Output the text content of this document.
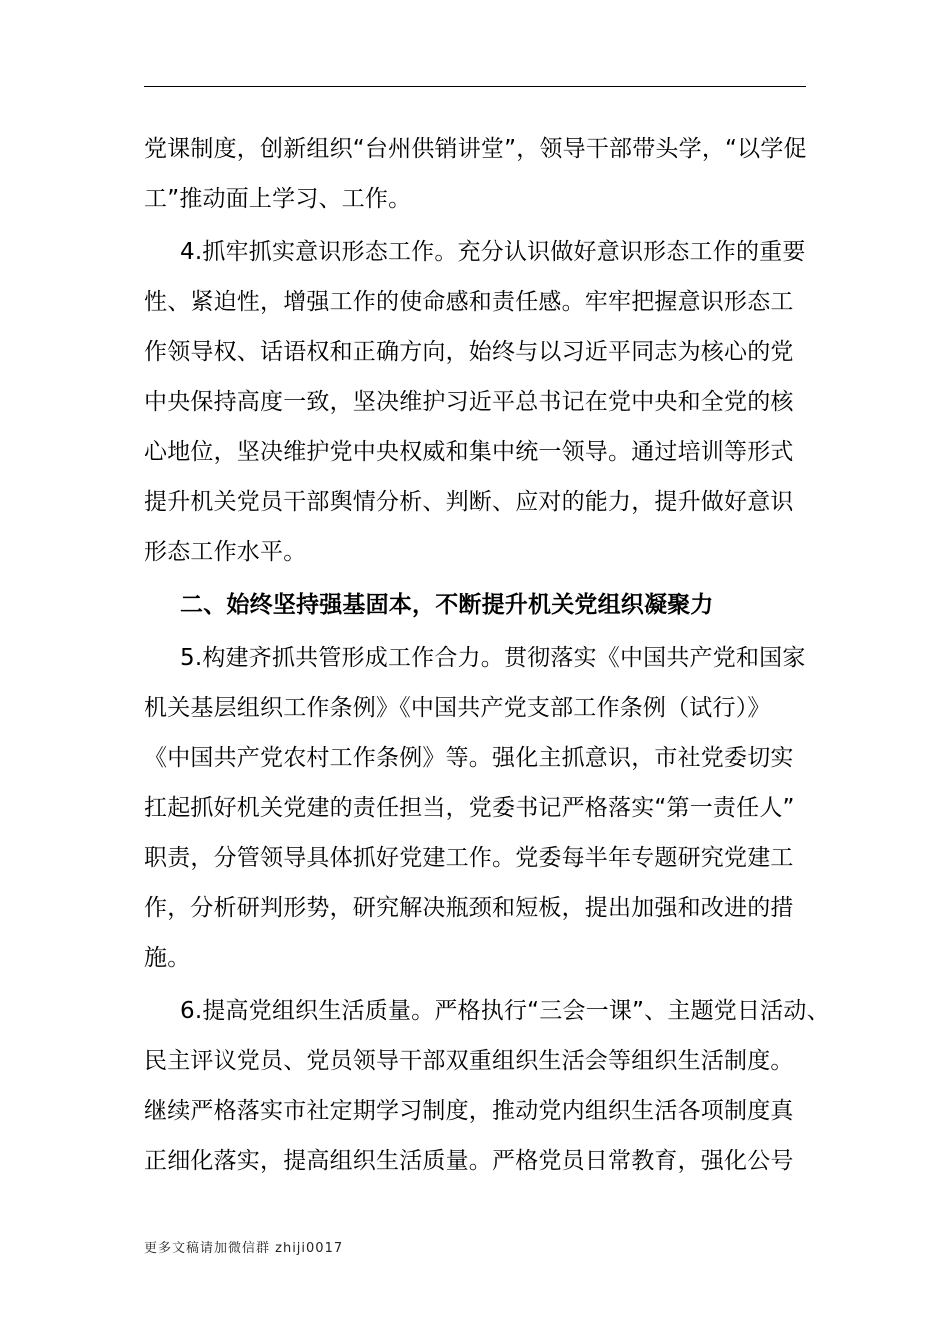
党课制度，创新组织“台州供销讲堂”，领导干部带头学，“以学促
工”推动面上学习、工作。
4.抓牢抓实意识形态工作。充分认识做好意识形态工作的重要
性、紧迫性，增强工作的使命感和责任感。牢牢把握意识形态工
作领导权、话语权和正确方向，始终与以习近平同志为核心的党
中央保持高度一致，坚决维护习近平总书记在党中央和全党的核
心地位，坚决维护党中央权威和集中统一领导。通过培训等形式
提升机关党员干部舆情分析、判断、应对的能力，提升做好意识
形态工作水平。
二、始终坚持强基固本，不断提升机关党组织凝聚力
5.构建齐抓共管形成工作合力。贯彻落实《中国共产党和国家
机关基层组织工作条例》《中国共产党支部工作条例（试行）》
《中国共产党农村工作条例》等。强化主抓意识，市社党委切实
扛起抓好机关党建的责任担当，党委书记严格落实“第一责任人”
职责，分管领导具体抓好党建工作。党委每半年专题研究党建工
作，分析研判形势，研究解决瓶颈和短板，提出加强和改进的措
施。
6.提高党组织生活质量。严格执行“三会一课”、主题党日活动、
民主评议党员、党员领导干部双重组织生活会等组织生活制度。
继续严格落实市社定期学习制度，推动党内组织生活各项制度真
正细化落实，提高组织生活质量。严格党员日常教育，强化公号
更多文稿请加微信群 zhiji0017
